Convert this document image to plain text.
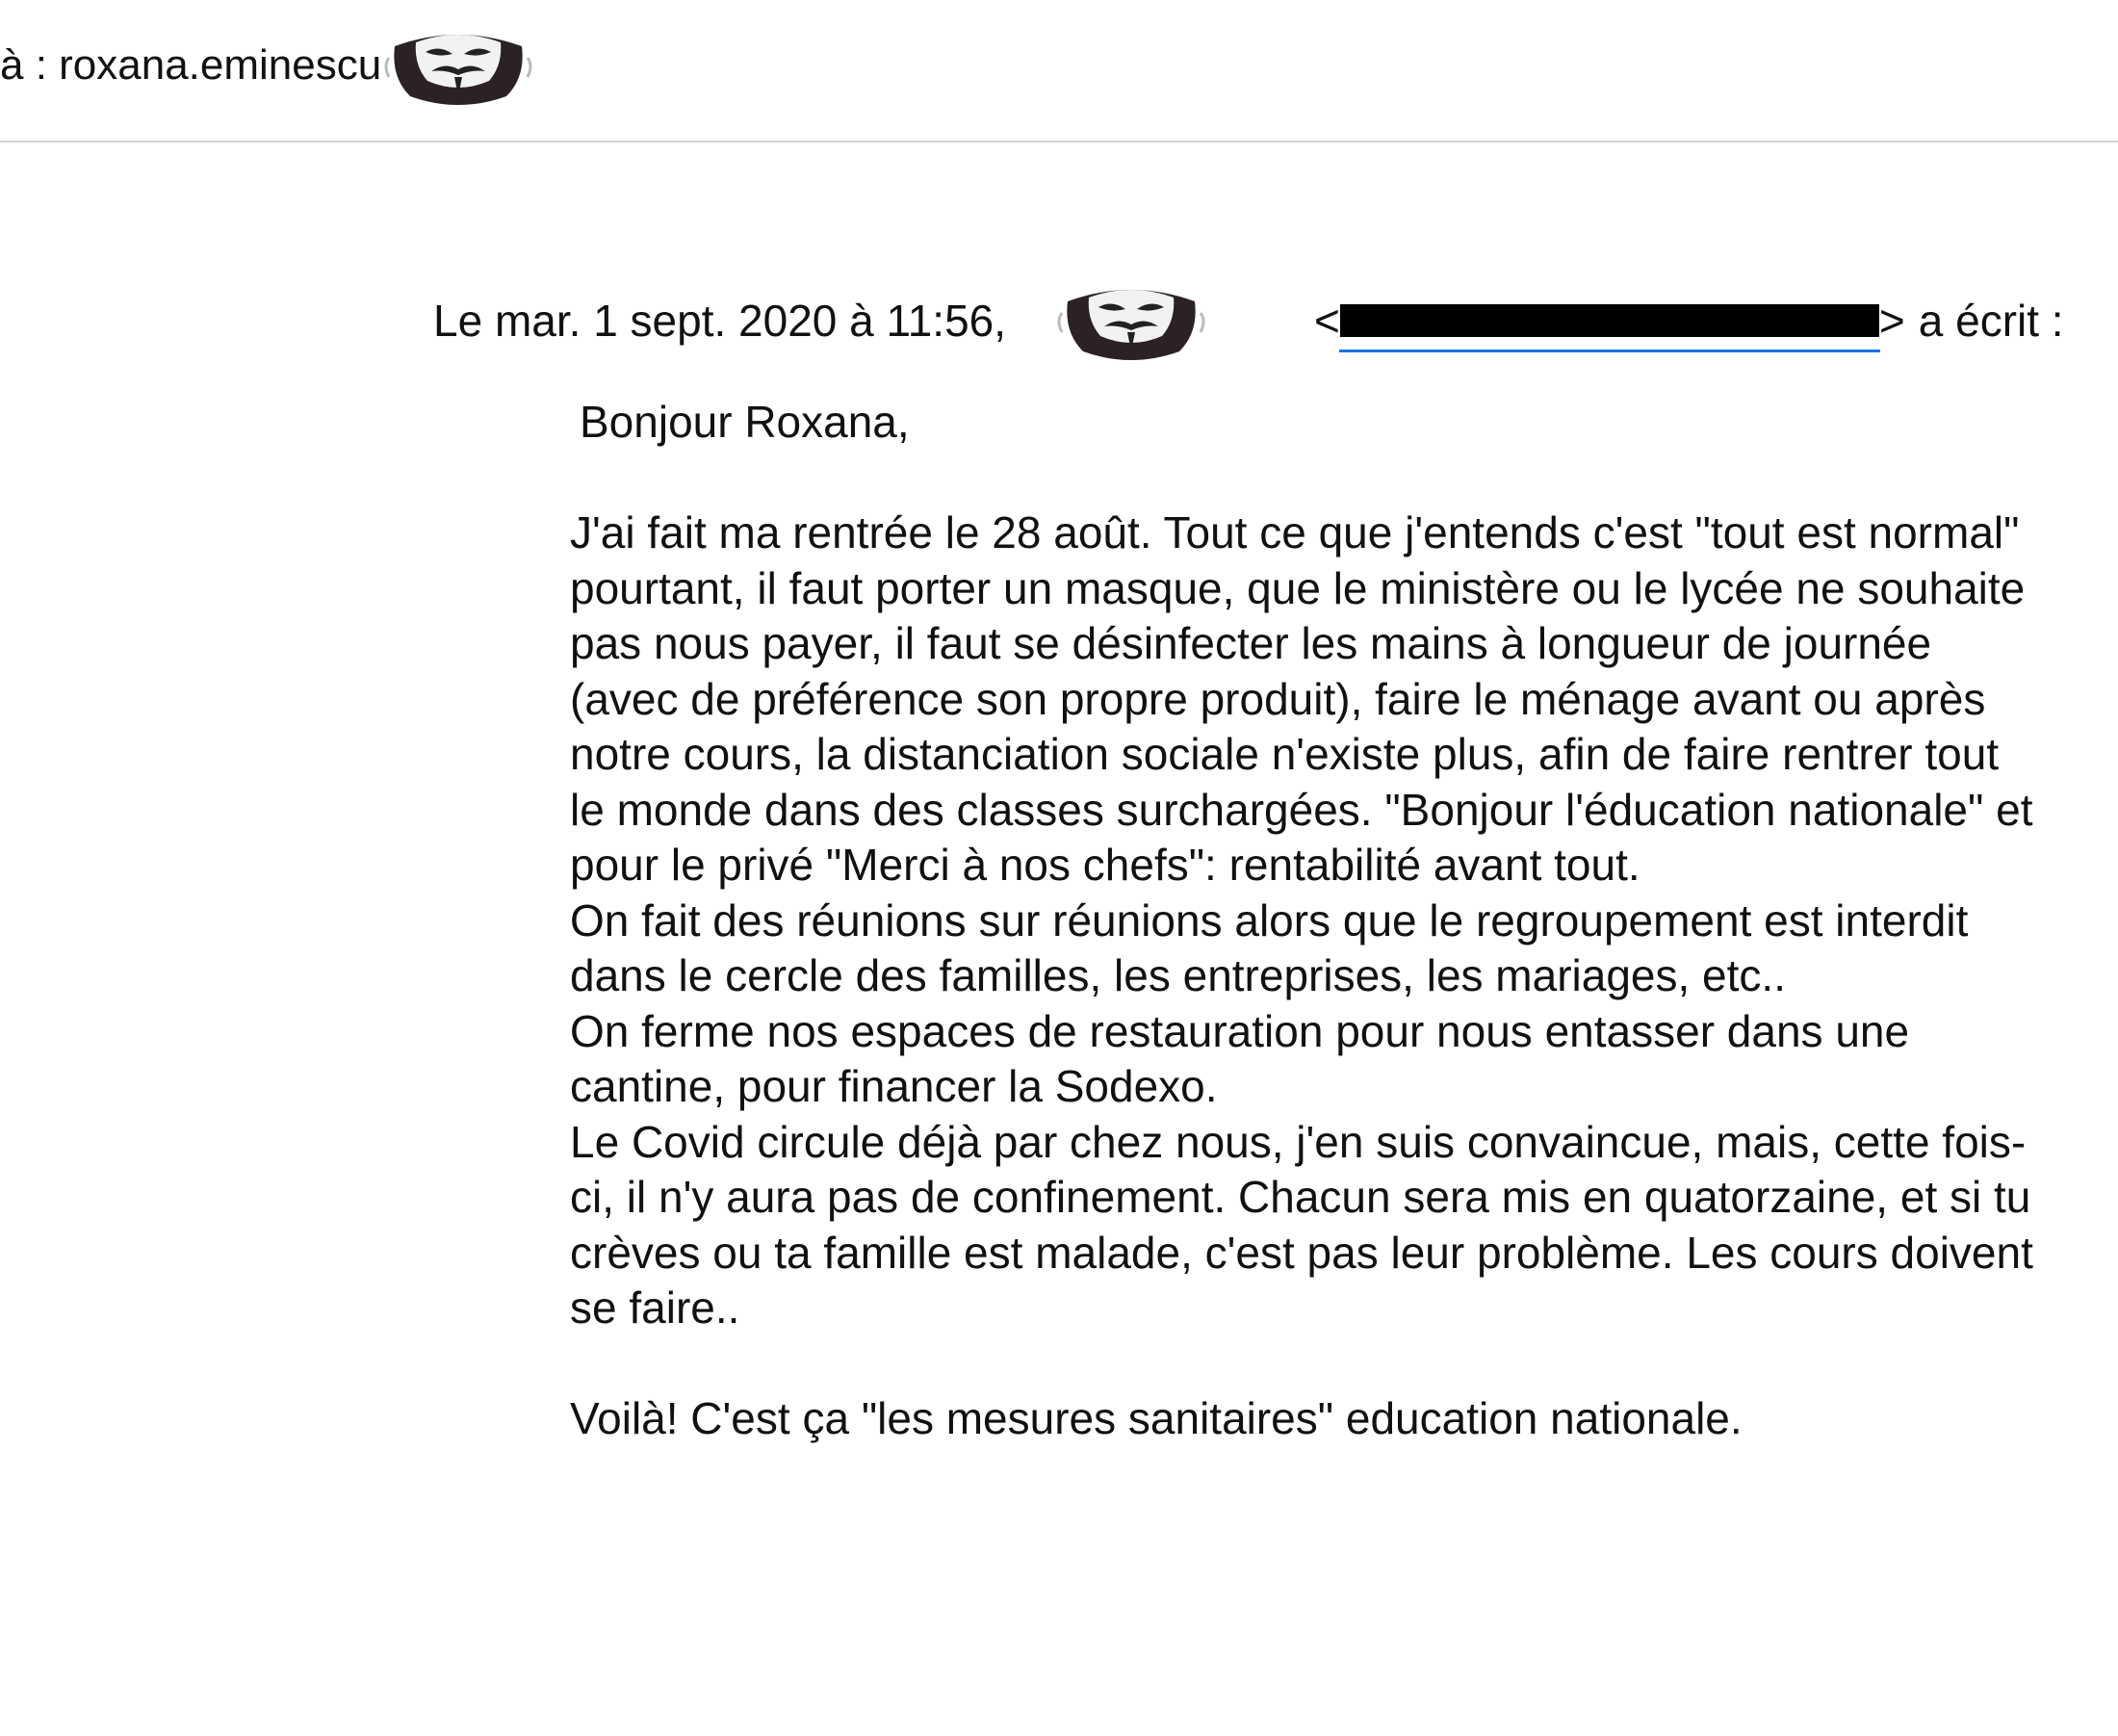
à : roxana.eminescu
Le mar. 1 sept. 2020 à 11:56,	<	> a écrit :
Bonjour Roxana,
J'ai fait ma rentrée le 28 août. Tout ce que j'entends c'est "tout est normal" pourtant, il faut porter un masque, que le ministère ou le lycée ne souhaite pas nous payer, il faut se désinfecter les mains à longueur de journée (avec de préférence son propre produit), faire le ménage avant ou après notre cours, la distanciation sociale n'existe plus, afin de faire rentrer tout le monde dans des classes surchargées. "Bonjour l'éducation nationale" et pour le privé "Merci à nos chefs": rentabilité avant tout.
On fait des réunions sur réunions alors que le regroupement est interdit dans le cercle des familles, les entreprises, les mariages, etc..
On ferme nos espaces de restauration pour nous entasser dans une cantine, pour financer la Sodexo.
Le Covid circule déjà par chez nous, j'en suis convaincue, mais, cette fois-ci, il n'y aura pas de confinement. Chacun sera mis en quatorzaine, et si tu crèves ou ta famille est malade, c'est pas leur problème. Les cours doivent se faire..
Voilà! C'est ça "les mesures sanitaires" education nationale.
